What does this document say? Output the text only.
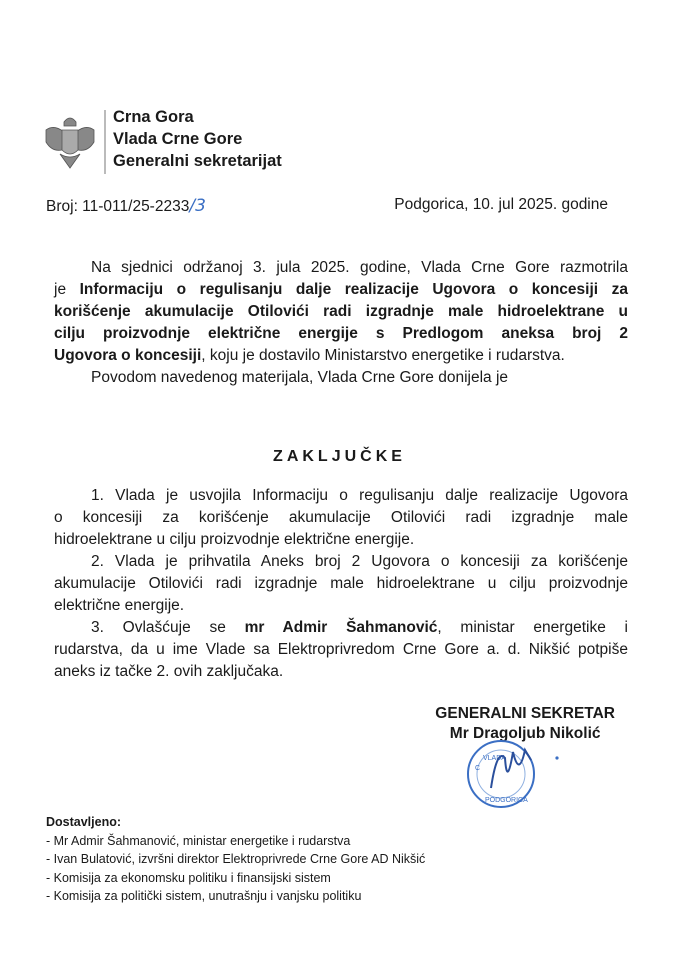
Crna Gora
Vlada Crne Gore
Generalni sekretarijat
Broj: 11-011/25-2233/3	Podgorica, 10. jul 2025. godine
Na sjednici održanoj 3. jula 2025. godine, Vlada Crne Gore razmotrila
je Informaciju o regulisanju dalje realizacije Ugovora o koncesiji za
korišćenje akumulacije Otilovići radi izgradnje male hidroelektrane u
cilju proizvodnje električne energije s Predlogom aneksa broj 2
Ugovora o koncesiji, koju je dostavilo Ministarstvo energetike i rudarstva.
Povodom navedenog materijala, Vlada Crne Gore donijela je
ZAKLJUČKE
1. Vlada je usvojila Informaciju o regulisanju dalje realizacije Ugovora
o koncesiji za korišćenje akumulacije Otilovići radi izgradnje male
hidroelektrane u cilju proizvodnje električne energije.
2. Vlada je prihvatila Aneks broj 2 Ugovora o koncesiji za korišćenje
akumulacije Otilovići radi izgradnje male hidroelektrane u cilju proizvodnje
električne energije.
3. Ovlašćuje se mr Admir Šahmanović, ministar energetike i
rudarstva, da u ime Vlade sa Elektroprivredom Crne Gore a. d. Nikšić potpiše
aneks iz tačke 2. ovih zaključaka.
GENERALNI SEKRETAR
Mr Dragoljub Nikolić
C
VLADA
PODGORICA
Dostavljeno:
- Mr Admir Šahmanović, ministar energetike i rudarstva
- Ivan Bulatović, izvršni direktor Elektroprivrede Crne Gore AD Nikšić
- Komisija za ekonomsku politiku i finansijski sistem
- Komisija za politički sistem, unutrašnju i vanjsku politiku
